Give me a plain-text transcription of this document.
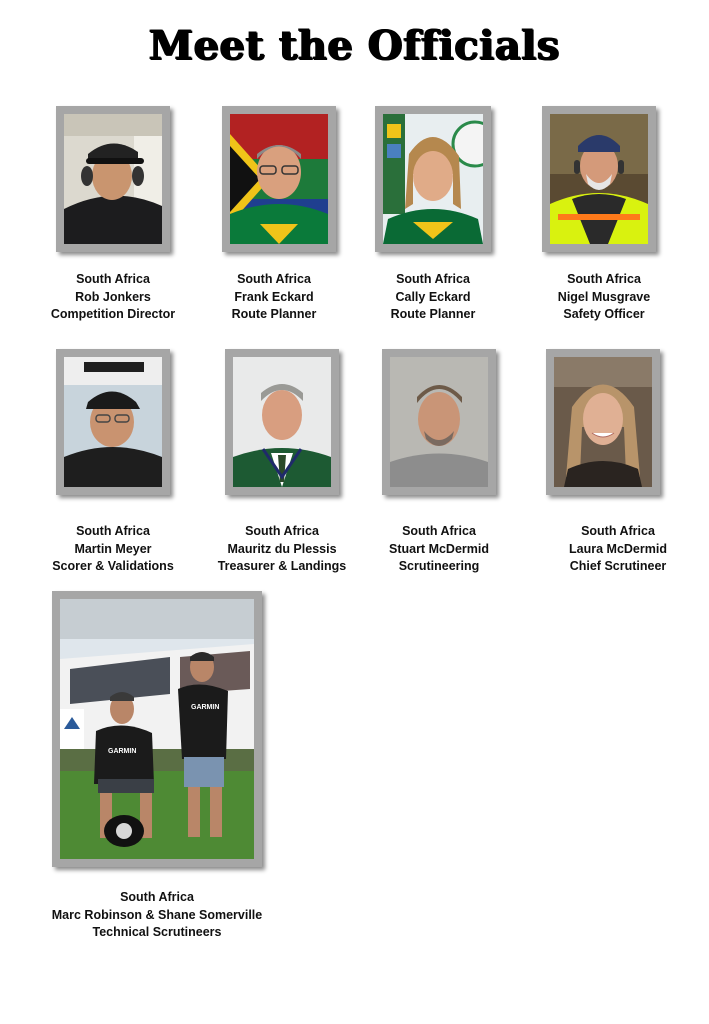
Meet the Officials
South Africa
Rob Jonkers
Competition Director
South Africa
Frank Eckard
Route Planner
South Africa
Cally Eckard
Route Planner
South Africa
Nigel Musgrave
Safety Officer
South Africa
Martin Meyer
Scorer & Validations
South Africa
Mauritz du Plessis
Treasurer & Landings
South Africa
Stuart McDermid
Scrutineering
South Africa
Laura McDermid
Chief Scrutineer
GARMIN
GARMIN
South Africa
Marc Robinson & Shane Somerville
Technical Scrutineers
